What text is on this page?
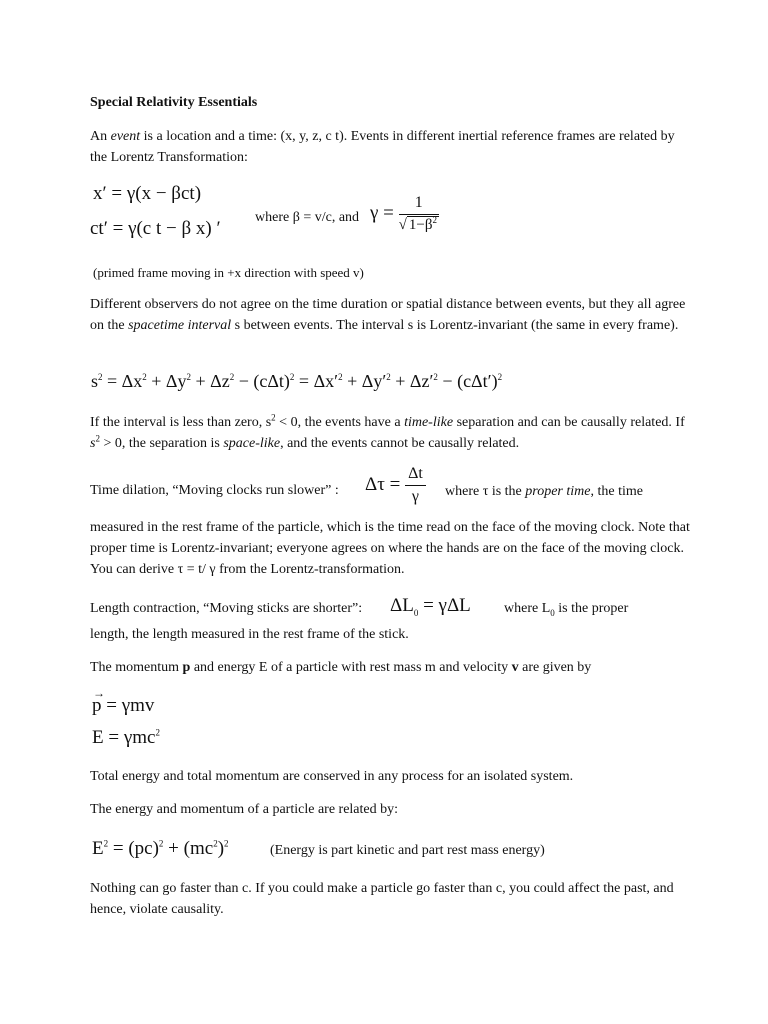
Special Relativity Essentials

An event is a location and a time: (x, y, z, c t). Events in different inertial reference frames are related by the Lorentz Transformation:

x′ = γ(x − βct)
ct′ = γ(c t − β x) ′
where β = v/c, and $\gamma = \frac{1}{√ 1-\beta^2}$

(primed frame moving in +x direction with speed v)

Different observers do not agree on the time duration or spatial distance between events, but they all agree on the spacetime interval s between events. The interval s is Lorentz-invariant (the same in every frame).

$s^2 = \Delta x^2 + \Delta y^2 + \Delta z^2 - (c\Delta t)^2 = \Delta x'^2 + \Delta y'^2 + \Delta z'^2 - (c\Delta t')^2$

If the interval is less than zero, $s^2 < 0$, the events have a time-like separation and can be causally related. If $s^2 > 0$, the separation is space-like, and the events cannot be causally related.

Time dilation, “Moving clocks run slower” : $\Delta\tau = \frac{\Delta t}{\gamma}$ where τ is the proper time, the time

measured in the rest frame of the particle, which is the time read on the face of the moving clock. Note that proper time is Lorentz-invariant; everyone agrees on where the hands are on the face of the moving clock. You can derive τ = t/ γ from the Lorentz-transformation.

Length contraction, “Moving sticks are shorter”: $\Delta L_0 = \gamma\Delta L$ where $L_0$ is the proper

length, the length measured in the rest frame of the stick.

The momentum p and energy E of a particle with rest mass m and velocity v are given by

p
→
= γmv
E = γmc$^2$

Total energy and total momentum are conserved in any process for an isolated system.

The energy and momentum of a particle are related by:

$E^2 = (pc)^2 + (mc^2)^2$	(Energy is part kinetic and part rest mass energy)

Nothing can go faster than c. If you could make a particle go faster than c, you could affect the past, and hence, violate causality.
